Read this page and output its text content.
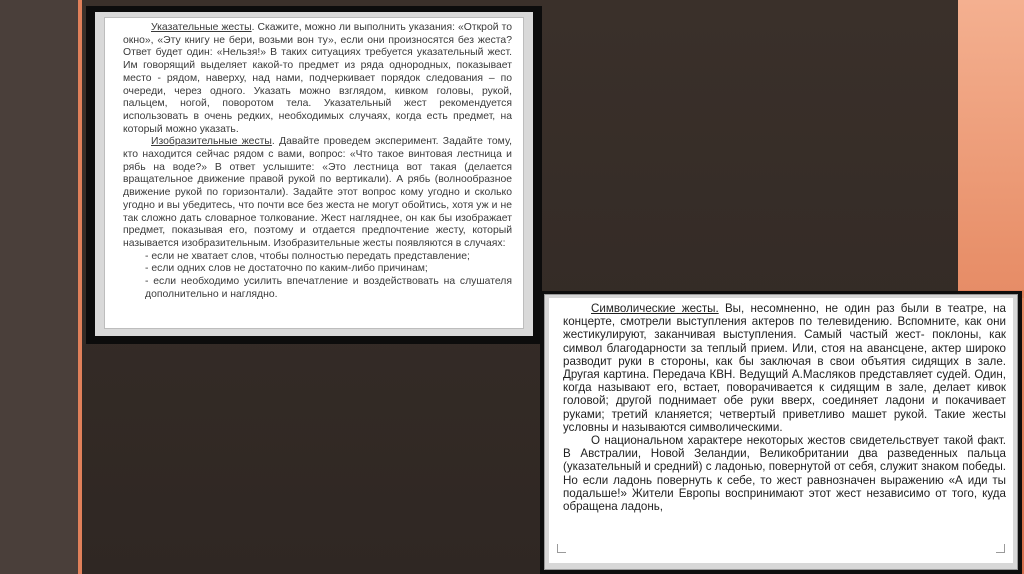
Указательные жесты. Скажите, можно ли выполнить указания: «Открой то окно», «Эту книгу не бери, возьми вон ту», если они произносятся без жеста? Ответ будет один: «Нельзя!» В таких ситуациях требуется указательный жест. Им говорящий выделяет какой-то предмет из ряда однородных, показывает место - рядом, наверху, над нами, подчеркивает порядок следования – по очереди, через одного. Указать можно взглядом, кивком головы, рукой, пальцем, ногой, поворотом тела. Указательный жест рекомендуется использовать в очень редких, необходимых случаях, когда есть предмет, на который можно указать.

Изобразительные жесты. Давайте проведем эксперимент. Задайте тому, кто находится сейчас рядом с вами, вопрос: «Что такое винтовая лестница и рябь на воде?» В ответ услышите: «Это лестница вот такая (делается вращательное движение правой рукой по вертикали). А рябь (волнообразное движение рукой по горизонтали). Задайте этот вопрос кому угодно и сколько угодно и вы убедитесь, что почти все без жеста не могут обойтись, хотя уж и не так сложно дать словарное толкование. Жест нагляднее, он как бы изображает предмет, показывая его, поэтому и отдается предпочтение жесту, который называется изобразительным. Изобразительные жесты появляются в случаях:

- если не хватает слов, чтобы полностью передать представление;

- если одних слов не достаточно по каким-либо причинам;

- если необходимо усилить впечатление и воздействовать на слушателя дополнительно и наглядно.

Символические жесты. Вы, несомненно, не один раз были в театре, на концерте, смотрели выступления актеров по телевидению. Вспомните, как они жестикулируют, заканчивая выступления. Самый частый жест- поклоны, как символ благодарности за теплый прием. Или, стоя на авансцене, актер широко разводит руки в стороны, как бы заключая в свои объятия сидящих в зале. Другая картина. Передача КВН. Ведущий А.Масляков представляет судей. Один, когда называют его, встает, поворачивается к сидящим в зале, делает кивок головой; другой поднимает обе руки вверх, соединяет ладони и покачивает руками; третий кланяется; четвертый приветливо машет рукой. Такие жесты условны и называются символическими.

О национальном характере некоторых жестов свидетельствует такой факт. В Австралии, Новой Зеландии, Великобритании два разведенных пальца (указательный и средний) с ладонью, повернутой от себя, служит знаком победы. Но если ладонь повернуть к себе, то жест равнозначен выражению «А иди ты подальше!» Жители Европы воспринимают этот жест независимо от того, куда обращена ладонь,
